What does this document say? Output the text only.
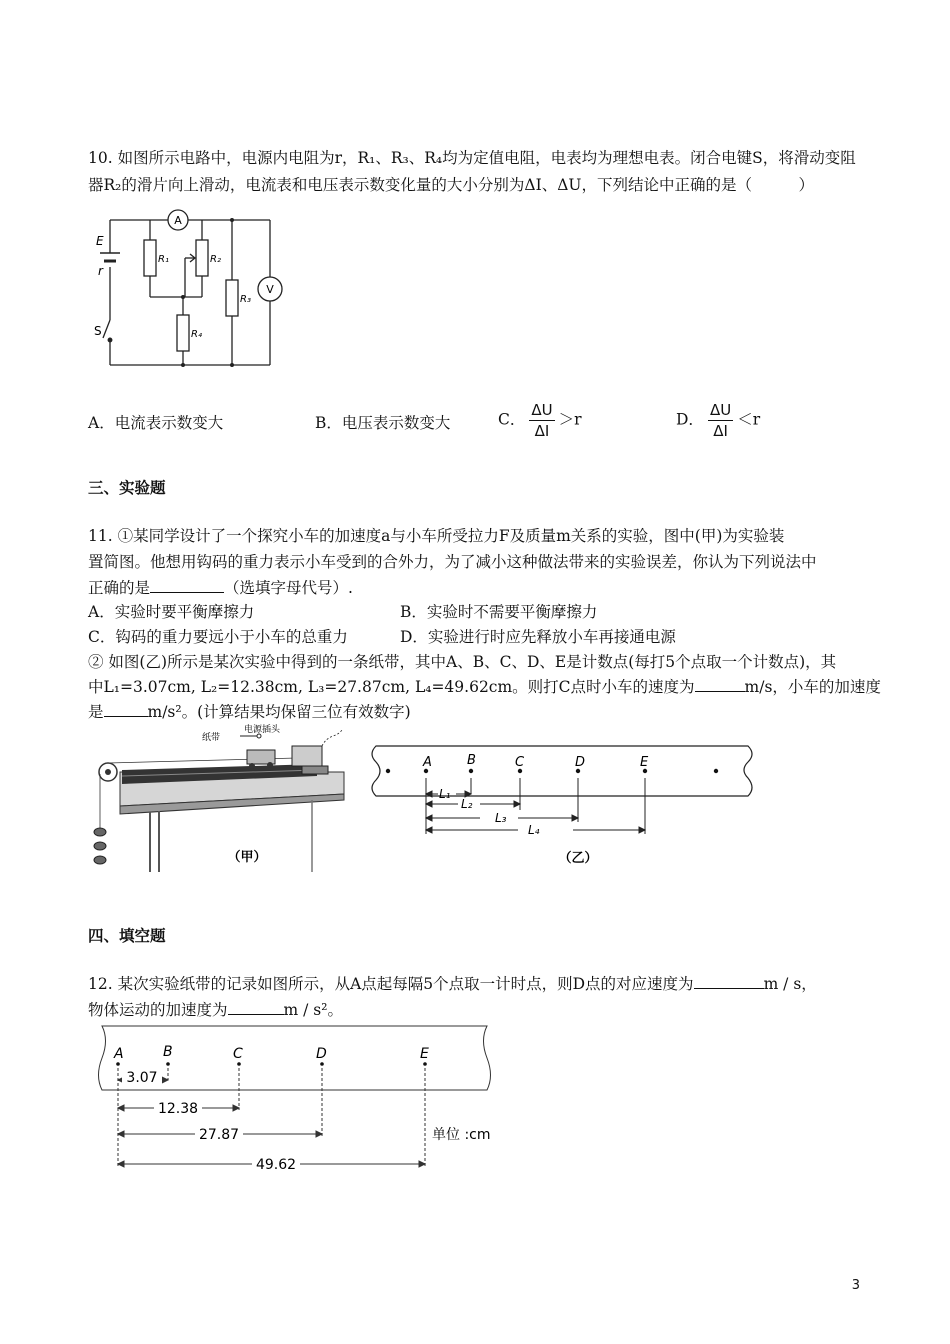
10. 如图所示电路中，电源内电阻为r，R₁、R₃、R₄均为定值电阻，电表均为理想电表。闭合电键S，将滑动变阻
器R₂的滑片向上滑动，电流表和电压表示数变化量的大小分别为ΔI、ΔU，下列结论中正确的是（　　　）
A
V
E
r
S
R₁	R₂
R₃
R₄
A．电流表示数变大	B．电压表示数变大	C． $\frac{\Delta U}{\Delta I} >r$	D． $\frac{\Delta U}{\Delta I} <r$
三、实验题
11. ①某同学设计了一个探究小车的加速度a与小车所受拉力F及质量m关系的实验，图中(甲)为实验装
置简图。他想用钩码的重力表示小车受到的合外力，为了减小这种做法带来的实验误差，你认为下列说法中
正确的是	（选填字母代号）.
A．实验时要平衡摩擦力	B．实验时不需要平衡摩擦力
C．钩码的重力要远小于小车的总重力	D．实验进行时应先释放小车再接通电源
② 如图(乙)所示是某次实验中得到的一条纸带，其中A、B、C、D、E是计数点(每打5个点取一个计数点)，其
中L₁=3.07cm, L₂=12.38cm, L₃=27.87cm, L₄=49.62cm。则打C点时小车的速度为	m/s，小车的加速度
是	m/s²。(计算结果均保留三位有效数字)
纸带
电源插头
（甲）
A	B	C	D	E
L₁
L₂
L₃
L₄
（乙）
四、填空题
12. 某次实验纸带的记录如图所示，从A点起每隔5个点取一计时点，则D点的对应速度为	m / s，
物体运动的加速度为	m / s²。
A	B	C	D	E
3.07
12.38
27.87
49.62
单位 :cm
3
